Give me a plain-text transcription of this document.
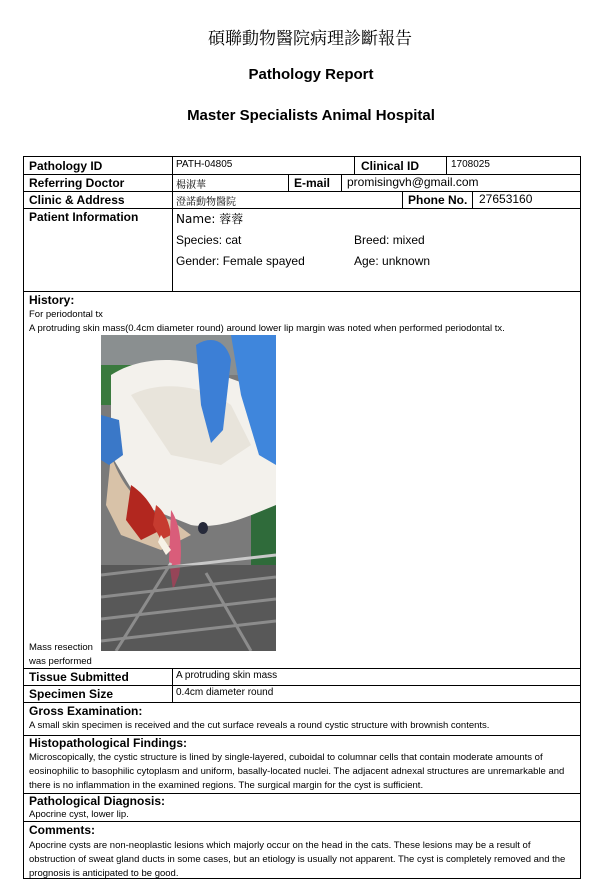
碩聯動物醫院病理診斷報告
Pathology Report
Master Specialists Animal Hospital
Pathology ID	PATH-04805	Clinical ID	1708025
Referring Doctor	楊淑華	E-mail promisingvh@gmail.com
Clinic & Address	澄諾動物醫院	Phone No. 27653160
Patient Information	Name: 蓉蓉
Species: cat	Breed: mixed
Gender: Female spayed	Age: unknown
History:
For periodontal tx
A protruding skin mass(0.4cm diameter round) around lower lip margin was noted when performed periodontal tx.
Mass resection
was performed
Tissue Submitted	A protruding skin mass
Specimen Size	0.4cm diameter round
Gross Examination:
A small skin specimen is received and the cut surface reveals a round cystic structure with brownish contents.
Histopathological Findings:
Microscopically, the cystic structure is lined by single-layered, cuboidal to columnar cells that contain moderate amounts of eosinophilic to basophilic cytoplasm and uniform, basally-located nuclei. The adjacent adnexal structures are unremarkable and there is no inflammation in the examined regions. The surgical margin for the cyst is sufficient.
Pathological Diagnosis:
Apocrine cyst, lower lip.
Comments:
Apocrine cysts are non-neoplastic lesions which majorly occur on the head in the cats. These lesions may be a result of obstruction of sweat gland ducts in some cases, but an etiology is usually not apparent. The cyst is completely removed and the prognosis is anticipated to be good.
